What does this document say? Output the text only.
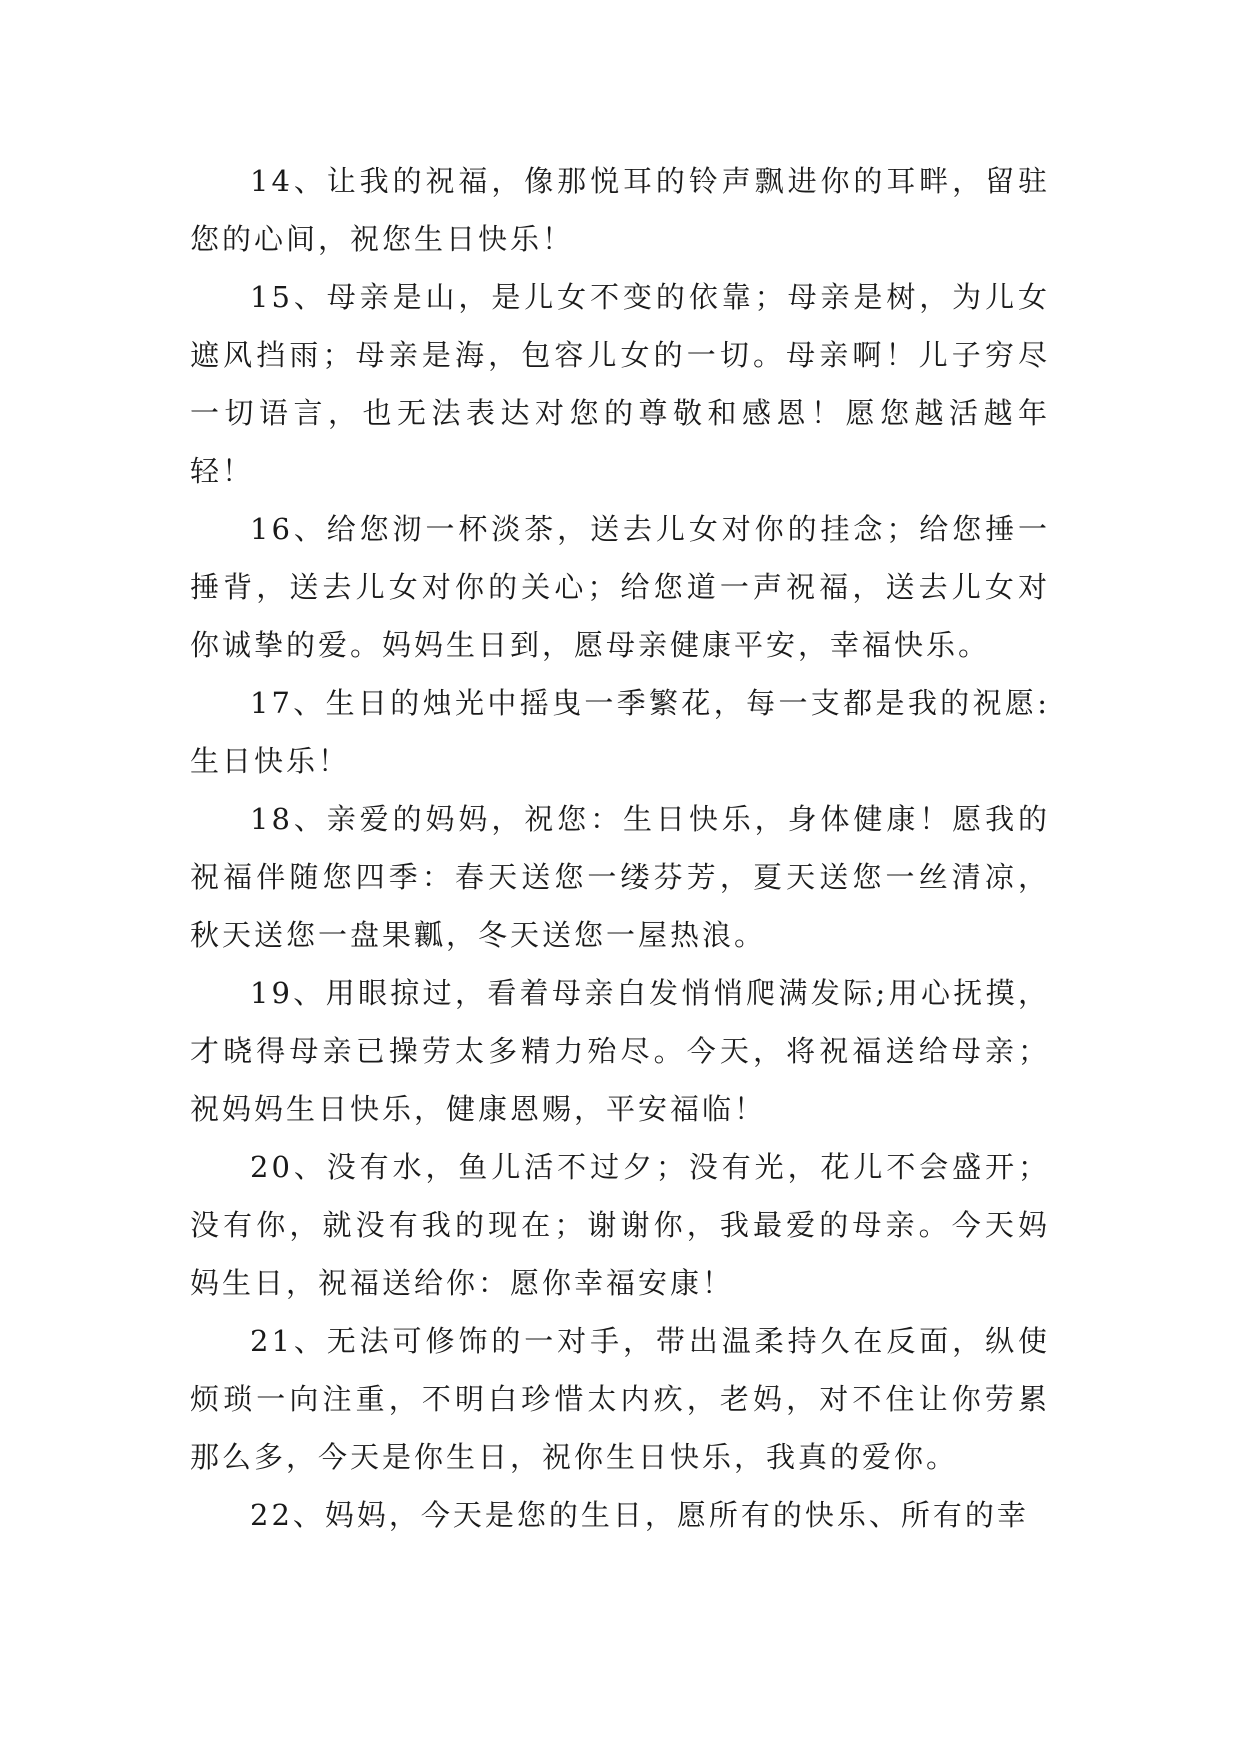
14、让我的祝福，像那悦耳的铃声飘进你的耳畔，留驻您的心间，祝您生日快乐！

15、母亲是山，是儿女不变的依靠；母亲是树，为儿女遮风挡雨；母亲是海，包容儿女的一切。母亲啊！儿子穷尽一切语言，也无法表达对您的尊敬和感恩！愿您越活越年轻！

16、给您沏一杯淡茶，送去儿女对你的挂念；给您捶一捶背，送去儿女对你的关心；给您道一声祝福，送去儿女对你诚挚的爱。妈妈生日到，愿母亲健康平安，幸福快乐。

17、生日的烛光中摇曳一季繁花，每一支都是我的祝愿:生日快乐！

18、亲爱的妈妈，祝您：生日快乐，身体健康！愿我的祝福伴随您四季：春天送您一缕芬芳，夏天送您一丝清凉，秋天送您一盘果瓤，冬天送您一屋热浪。

19、用眼掠过，看着母亲白发悄悄爬满发际;用心抚摸，才晓得母亲已操劳太多精力殆尽。今天，将祝福送给母亲；祝妈妈生日快乐，健康恩赐，平安福临！

20、没有水，鱼儿活不过夕；没有光，花儿不会盛开；没有你，就没有我的现在；谢谢你，我最爱的母亲。今天妈妈生日，祝福送给你：愿你幸福安康！

21、无法可修饰的一对手，带出温柔持久在反面，纵使烦琐一向注重，不明白珍惜太内疚，老妈，对不住让你劳累那么多，今天是你生日，祝你生日快乐，我真的爱你。

22、妈妈，今天是您的生日，愿所有的快乐、所有的幸
